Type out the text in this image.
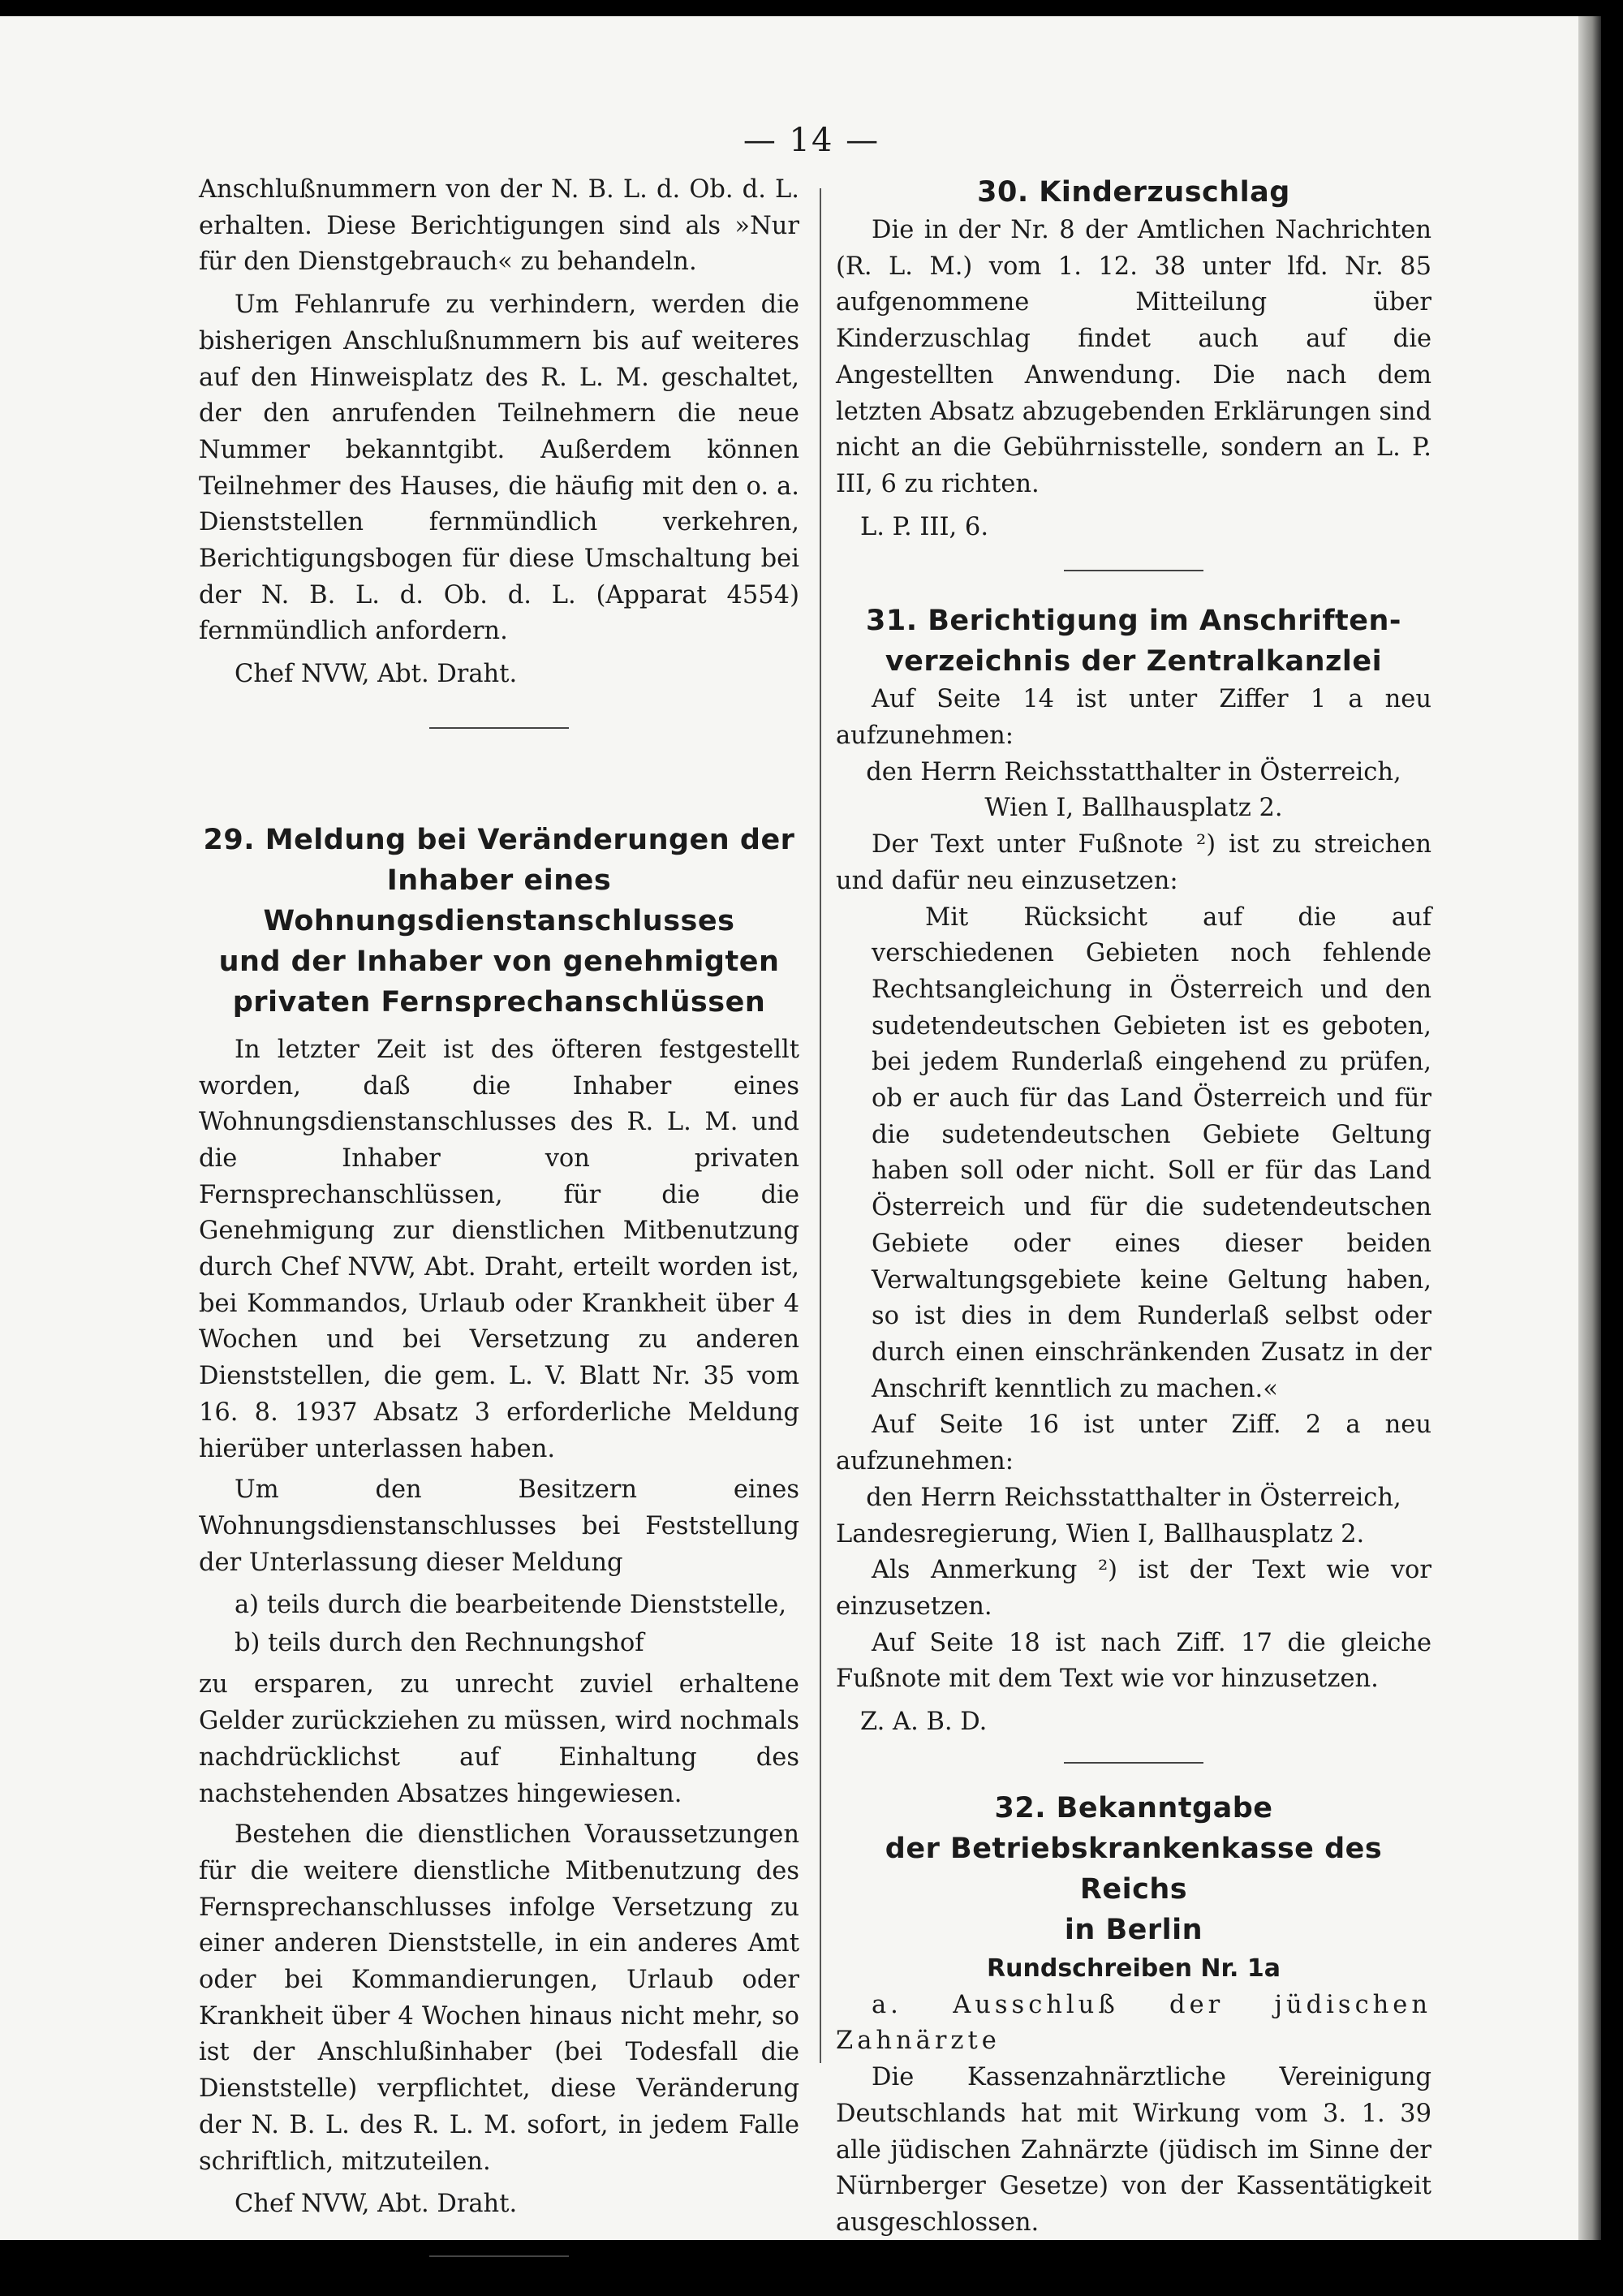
— 14 —

Anschlußnummern von der N. B. L. d. Ob. d. L. erhalten. Diese Berichtigungen sind als »Nur für den Dienstgebrauch« zu behandeln.

Um Fehlanrufe zu verhindern, werden die bisherigen Anschlußnummern bis auf weiteres auf den Hinweisplatz des R. L. M. geschaltet, der den anrufenden Teilnehmern die neue Nummer bekanntgibt. Außerdem können Teilnehmer des Hauses, die häufig mit den o. a. Dienststellen fernmündlich verkehren, Berichtigungsbogen für diese Umschaltung bei der N. B. L. d. Ob. d. L. (Apparat 4554) fernmündlich anfordern.

Chef NVW, Abt. Draht.

29. Meldung bei Veränderungen der

Inhaber eines Wohnungsdienstanschlusses

und der Inhaber von genehmigten

privaten Fernsprechanschlüssen

In letzter Zeit ist des öfteren festgestellt worden, daß die Inhaber eines Wohnungsdienstanschlusses des R. L. M. und die Inhaber von privaten Fernsprechanschlüssen, für die die Genehmigung zur dienstlichen Mitbenutzung durch Chef NVW, Abt. Draht, erteilt worden ist, bei Kommandos, Urlaub oder Krankheit über 4 Wochen und bei Versetzung zu anderen Dienststellen, die gem. L. V. Blatt Nr. 35 vom 16. 8. 1937 Absatz 3 erforderliche Meldung hierüber unterlassen haben.

Um den Besitzern eines Wohnungsdienstanschlusses bei Feststellung der Unterlassung dieser Meldung

a) teils durch die bearbeitende Dienststelle,
b) teils durch den Rechnungshof

zu ersparen, zu unrecht zuviel erhaltene Gelder zurückziehen zu müssen, wird nochmals nachdrücklichst auf Einhaltung des nachstehenden Absatzes hingewiesen.

Bestehen die dienstlichen Voraussetzungen für die weitere dienstliche Mitbenutzung des Fernsprechanschlusses infolge Versetzung zu einer anderen Dienststelle, in ein anderes Amt oder bei Kommandierungen, Urlaub oder Krankheit über 4 Wochen hinaus nicht mehr, so ist der Anschlußinhaber (bei Todesfall die Dienststelle) verpflichtet, diese Veränderung der N. B. L. des R. L. M. sofort, in jedem Falle schriftlich, mitzuteilen.

Chef NVW, Abt. Draht.

30. Kinderzuschlag

Die in der Nr. 8 der Amtlichen Nachrichten (R. L. M.) vom 1. 12. 38 unter lfd. Nr. 85 aufgenommene Mitteilung über Kinderzuschlag findet auch auf die Angestellten Anwendung. Die nach dem letzten Absatz abzugebenden Erklärungen sind nicht an die Gebührnisstelle, sondern an L. P. III, 6 zu richten.

L. P. III, 6.

31. Berichtigung im Anschriften-

verzeichnis der Zentralkanzlei

Auf Seite 14 ist unter Ziffer 1 a neu aufzunehmen:

den Herrn Reichsstatthalter in Österreich,

Wien I, Ballhausplatz 2.

Der Text unter Fußnote ²) ist zu streichen und dafür neu einzusetzen:

Mit Rücksicht auf die auf verschiedenen Gebieten noch fehlende Rechtsangleichung in Österreich und den sudetendeutschen Gebieten ist es geboten, bei jedem Runderlaß eingehend zu prüfen, ob er auch für das Land Österreich und für die sudetendeutschen Gebiete Geltung haben soll oder nicht. Soll er für das Land Österreich und für die sudetendeutschen Gebiete oder eines dieser beiden Verwaltungsgebiete keine Geltung haben, so ist dies in dem Runderlaß selbst oder durch einen einschränkenden Zusatz in der Anschrift kenntlich zu machen.«

Auf Seite 16 ist unter Ziff. 2 a neu aufzunehmen:

den Herrn Reichsstatthalter in Österreich,

Landesregierung, Wien I, Ballhausplatz 2.

Als Anmerkung ²) ist der Text wie vor einzusetzen.

Auf Seite 18 ist nach Ziff. 17 die gleiche Fußnote mit dem Text wie vor hinzusetzen.

Z. A. B. D.

32. Bekanntgabe

der Betriebskrankenkasse des Reichs

in Berlin

Rundschreiben Nr. 1a

a. Ausschluß der jüdischen Zahnärzte

Die Kassenzahnärztliche Vereinigung Deutschlands hat mit Wirkung vom 3. 1. 39 alle jüdischen Zahnärzte (jüdisch im Sinne der Nürnberger Gesetze) von der Kassentätigkeit ausgeschlossen.
